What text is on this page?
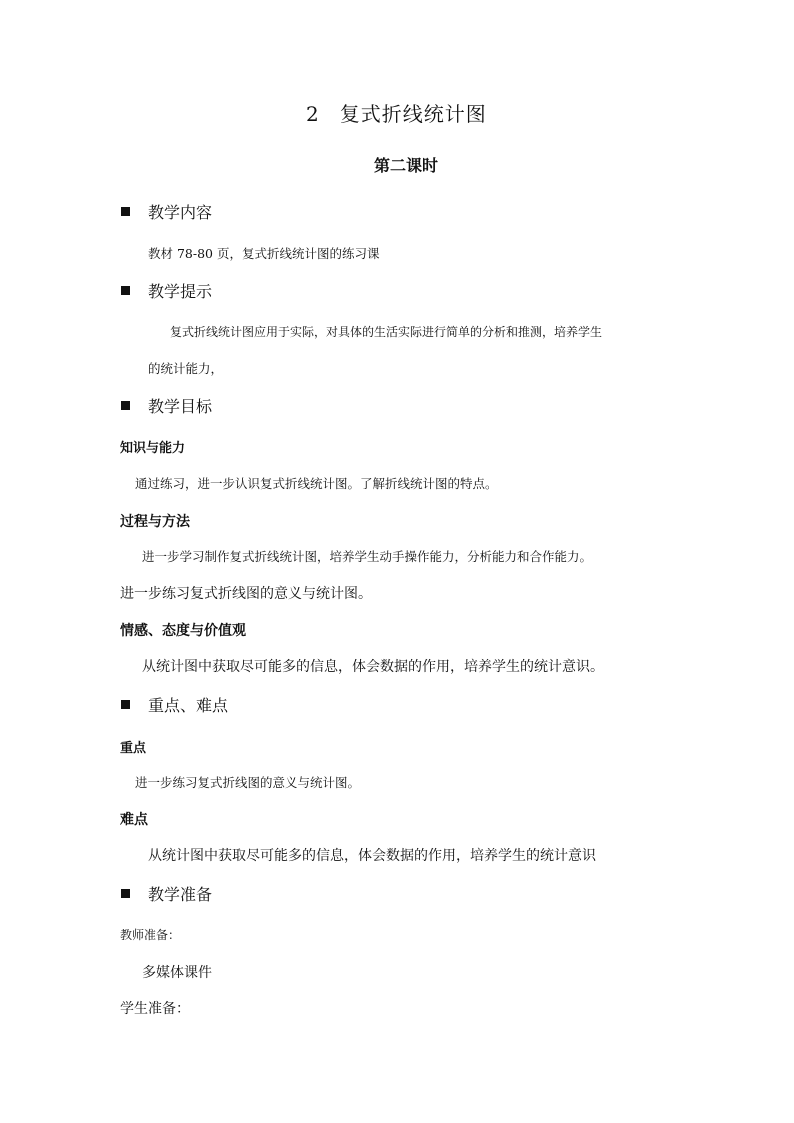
2 复式折线统计图
第二课时
教学内容
教材 78-80 页，复式折线统计图的练习课
教学提示
复式折线统计图应用于实际，对具体的生活实际进行简单的分析和推测，培养学生
的统计能力，
教学目标
知识与能力
通过练习，进一步认识复式折线统计图。了解折线统计图的特点。
过程与方法
进一步学习制作复式折线统计图，培养学生动手操作能力，分析能力和合作能力。
进一步练习复式折线图的意义与统计图。
情感、态度与价值观
从统计图中获取尽可能多的信息，体会数据的作用，培养学生的统计意识。
重点、难点
重点
进一步练习复式折线图的意义与统计图。
难点
从统计图中获取尽可能多的信息，体会数据的作用，培养学生的统计意识
教学准备
教师准备：
多媒体课件
学生准备：
